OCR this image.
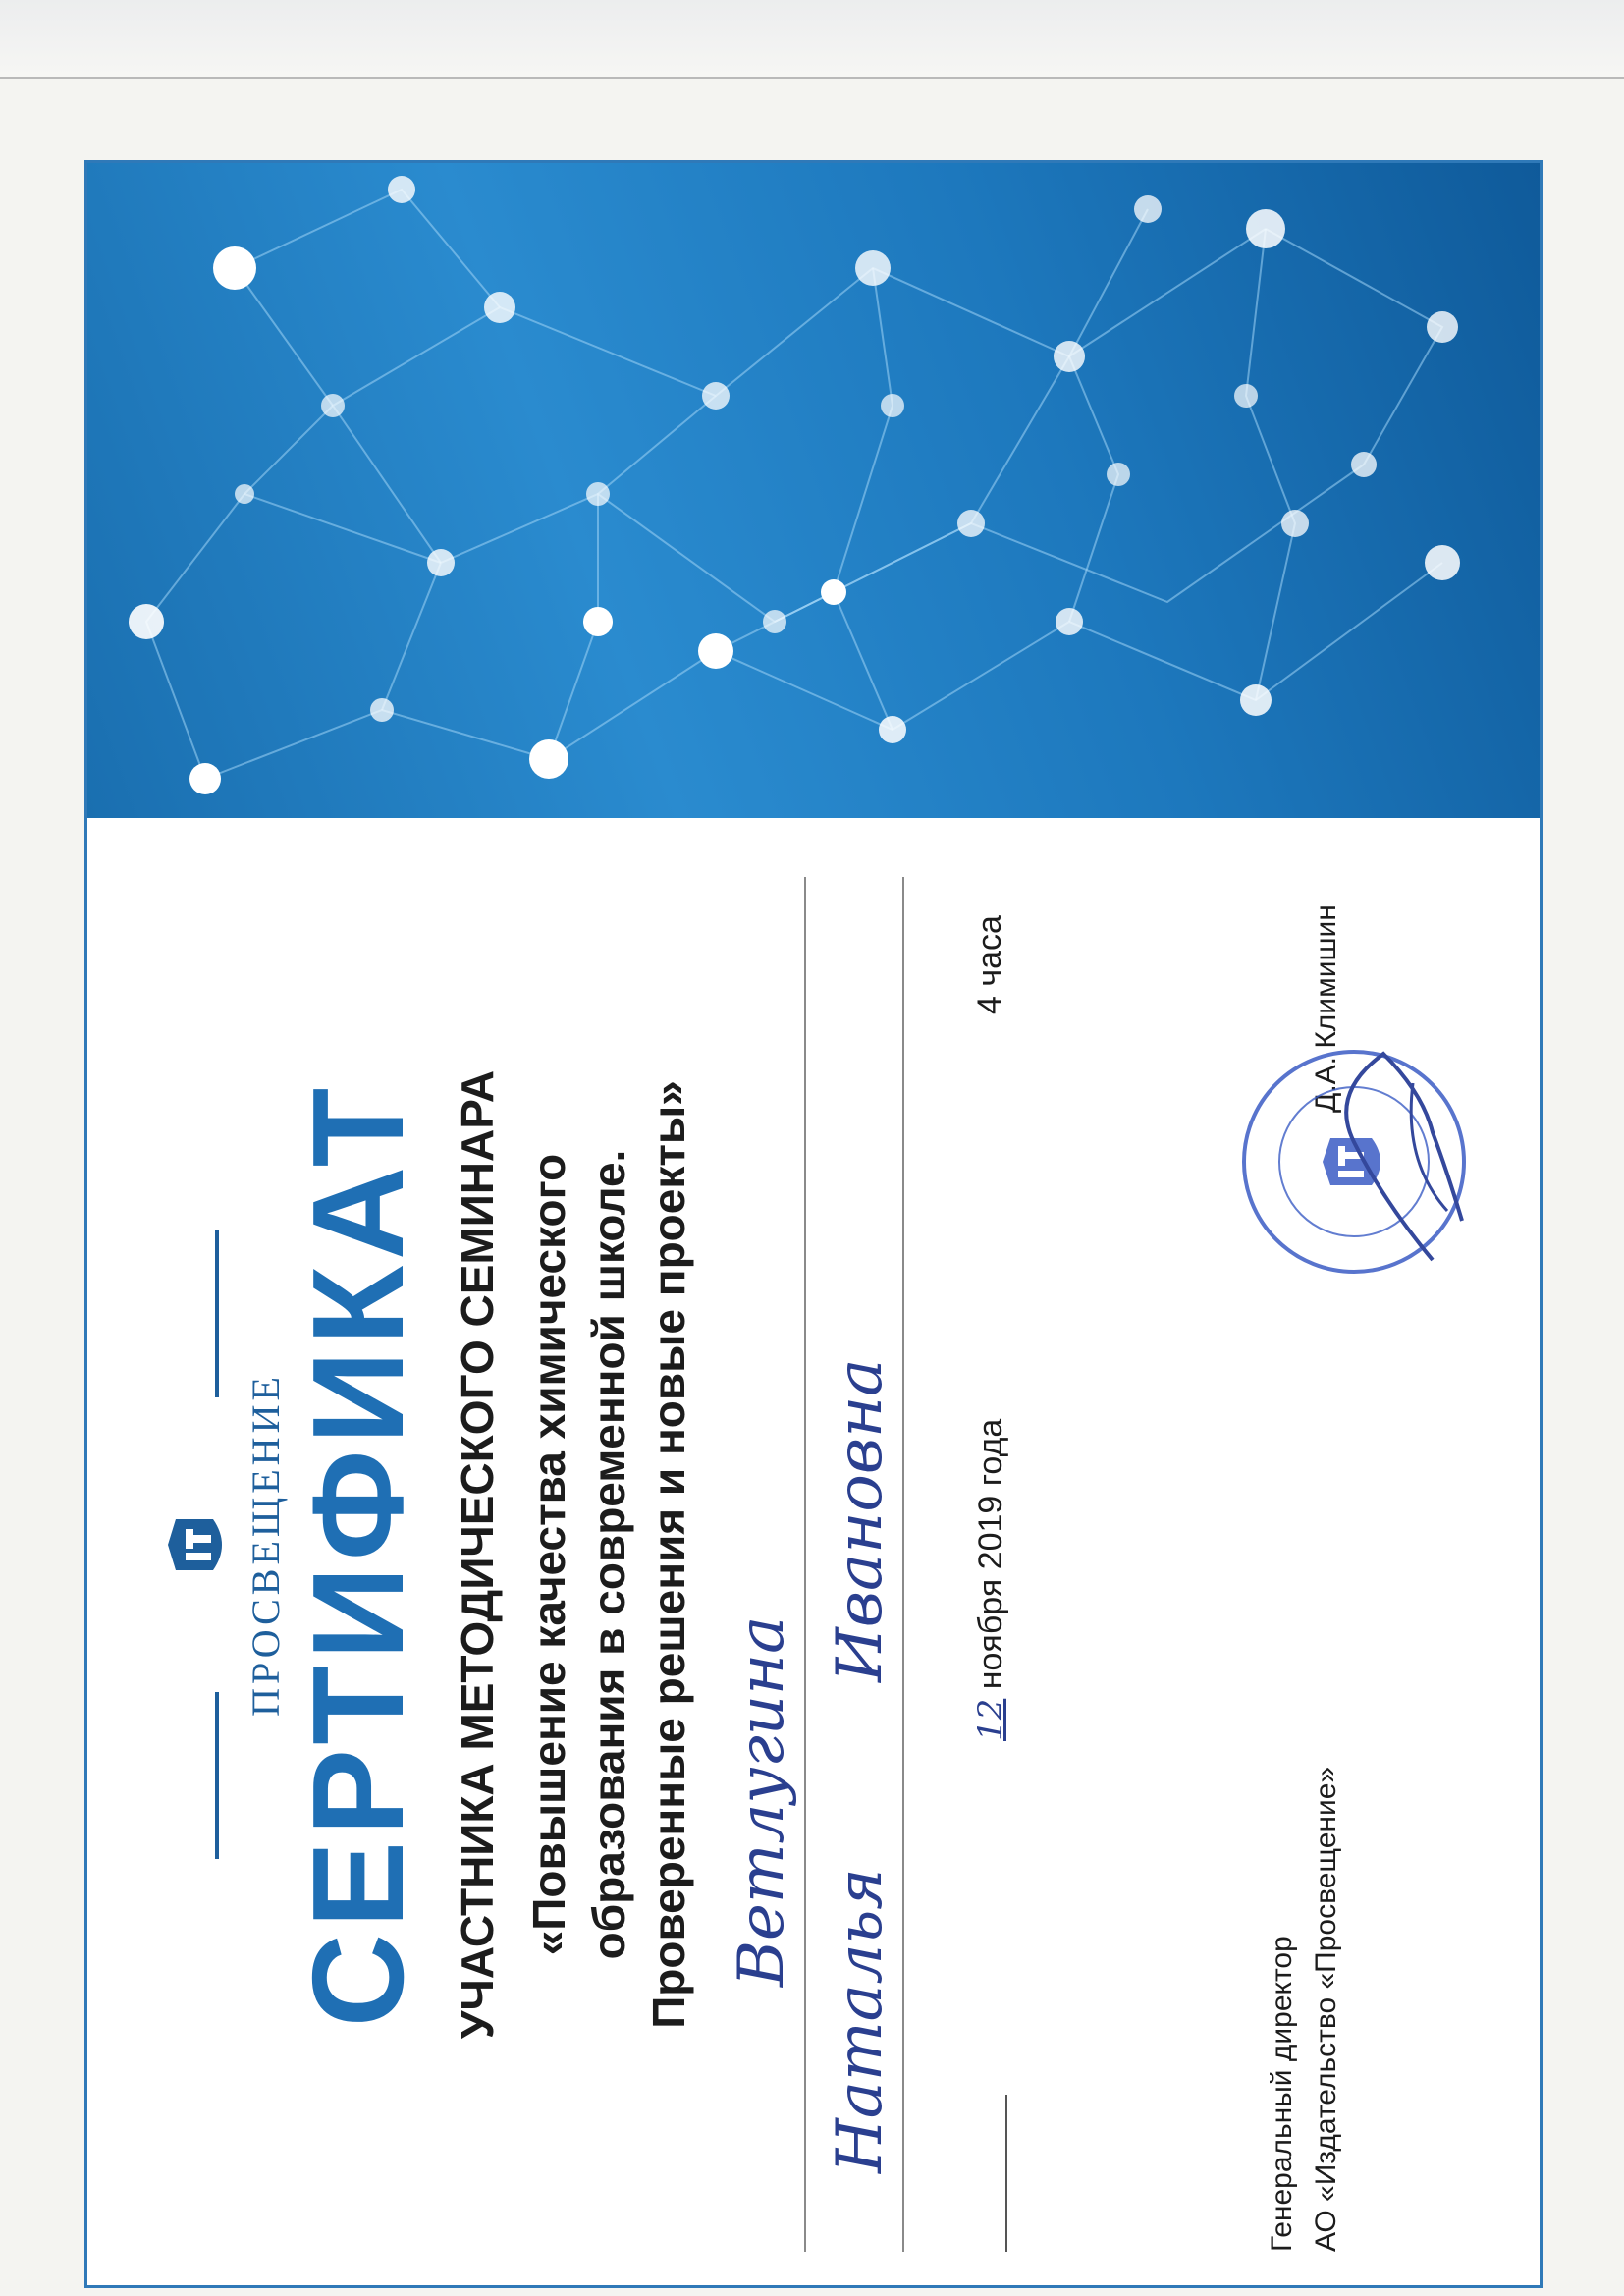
ПРОСВЕЩЕНИЕ
СЕРТИФИКАТ УЧАСТНИКА МЕТОДИЧЕСКОГО СЕМИНАРА «Повышение качества химического образования в современной школе. Проверенные решения и новые проекты» Ветлугина
Наталья
Ивановна
12 ноября 2019 года
4 часа
Генеральный директор АО «Издательство «Просвещение»
Д.А. Климишин
